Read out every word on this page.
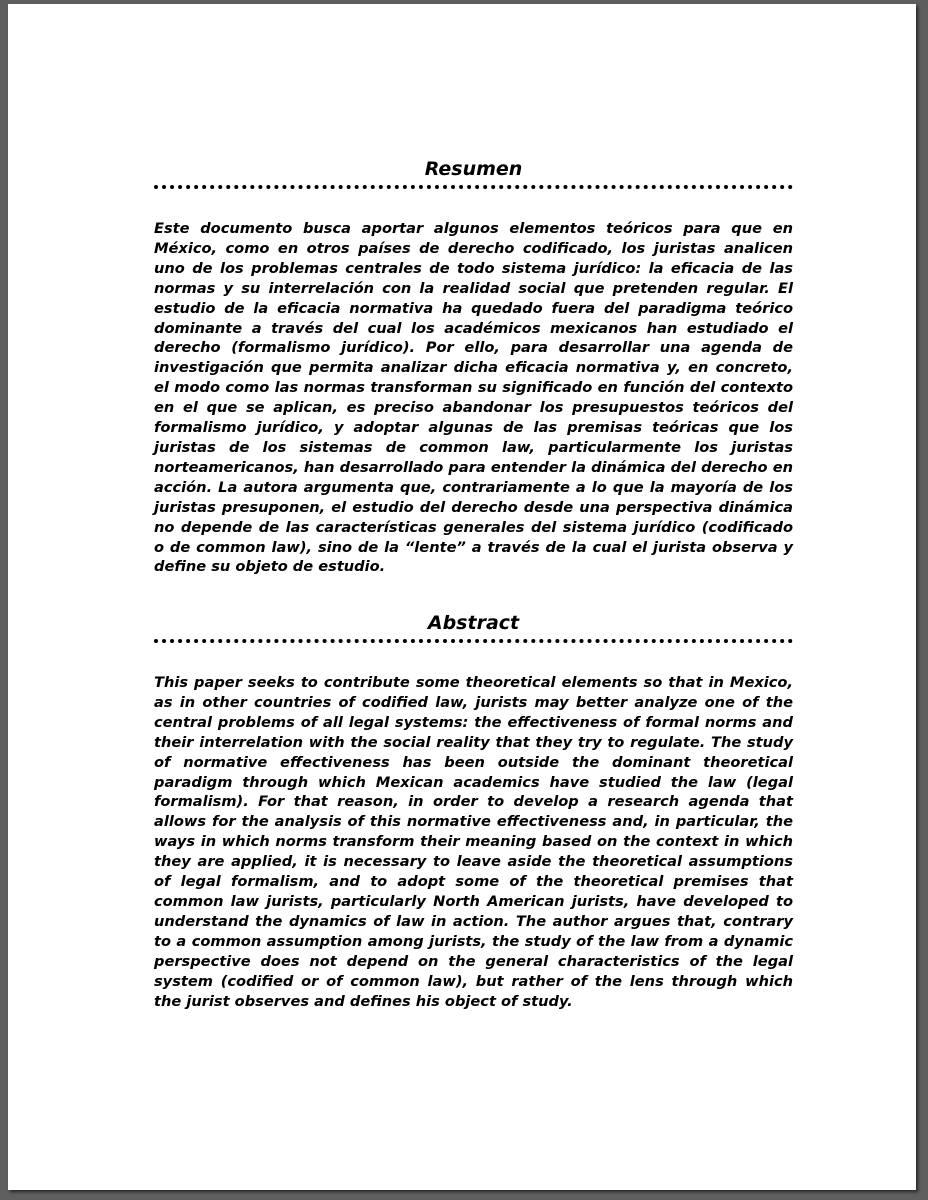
Resumen

Este documento busca aportar algunos elementos teóricos para que en México, como en otros países de derecho codificado, los juristas analicen uno de los problemas centrales de todo sistema jurídico: la eficacia de las normas y su interrelación con la realidad social que pretenden regular. El estudio de la eficacia normativa ha quedado fuera del paradigma teórico dominante a través del cual los académicos mexicanos han estudiado el derecho (formalismo jurídico). Por ello, para desarrollar una agenda de investigación que permita analizar dicha eficacia normativa y, en concreto, el modo como las normas transforman su significado en función del contexto en el que se aplican, es preciso abandonar los presupuestos teóricos del formalismo jurídico, y adoptar algunas de las premisas teóricas que los juristas de los sistemas de common law, particularmente los juristas norteamericanos, han desarrollado para entender la dinámica del derecho en acción. La autora argumenta que, contrariamente a lo que la mayoría de los juristas presuponen, el estudio del derecho desde una perspectiva dinámica no depende de las características generales del sistema jurídico (codificado o de common law), sino de la “lente” a través de la cual el jurista observa y define su objeto de estudio.

Abstract

This paper seeks to contribute some theoretical elements so that in Mexico, as in other countries of codified law, jurists may better analyze one of the central problems of all legal systems: the effectiveness of formal norms and their interrelation with the social reality that they try to regulate. The study of normative effectiveness has been outside the dominant theoretical paradigm through which Mexican academics have studied the law (legal formalism). For that reason, in order to develop a research agenda that allows for the analysis of this normative effectiveness and, in particular, the ways in which norms transform their meaning based on the context in which they are applied, it is necessary to leave aside the theoretical assumptions of legal formalism, and to adopt some of the theoretical premises that common law jurists, particularly North American jurists, have developed to understand the dynamics of law in action. The author argues that, contrary to a common assumption among jurists, the study of the law from a dynamic perspective does not depend on the general characteristics of the legal system (codified or of common law), but rather of the lens through which the jurist observes and defines his object of study.
